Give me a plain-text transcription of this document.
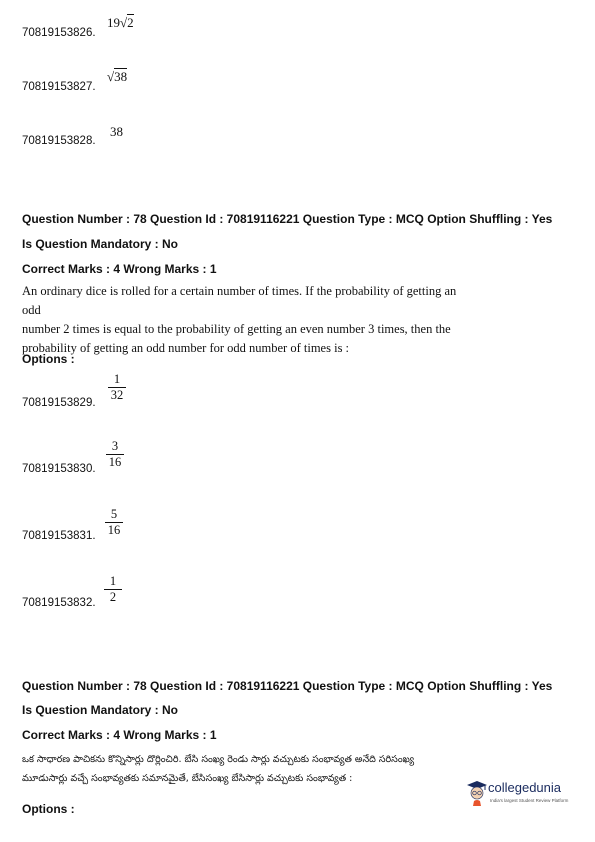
70819153826.
19√2
70819153827.
√38
70819153828.
38
Question Number : 78 Question Id : 70819116221 Question Type : MCQ Option Shuffling : Yes
Is Question Mandatory : No
Correct Marks : 4 Wrong Marks : 1
An ordinary dice is rolled for a certain number of times. If the probability of getting an odd
number 2 times is equal to the probability of getting an even number 3 times, then the
probability of getting an odd number for odd number of times is :
Options :
1
32
70819153829.
3
16
70819153830.
5
16
70819153831.
1
2
70819153832.
Question Number : 78 Question Id : 70819116221 Question Type : MCQ Option Shuffling : Yes
Is Question Mandatory : No
Correct Marks : 4 Wrong Marks : 1
ఒక సాధారణ పాచికను కొన్నిసార్లు దొర్లించిరి. బేసి సంఖ్య రెండు సార్లు వచ్చుటకు సంభావ్యత అనేది సరిసంఖ్య
మూడుసార్లు వచ్చే సంభావ్యతకు సమానమైతే, బేసిసంఖ్య బేసిసార్లు వచ్చుటకు సంభావ్యత :
Options :
collegedunia
India's largest Student Review Platform
